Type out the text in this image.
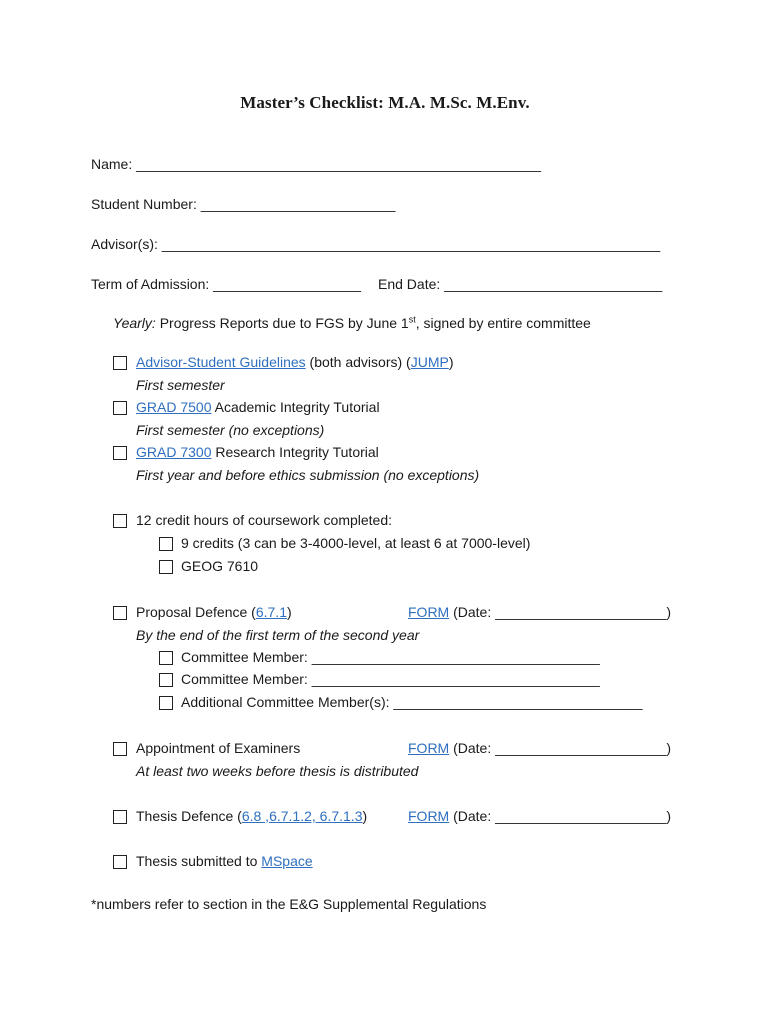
Master’s Checklist: M.A. M.Sc. M.Env.
Name: ____________________________________________________
Student Number: _________________________
Advisor(s): ________________________________________________________________
Term of Admission: ___________________ End Date: ____________________________
Yearly: Progress Reports due to FGS by June 1st, signed by entire committee
Advisor-Student Guidelines (both advisors) (JUMP)
First semester
GRAD 7500 Academic Integrity Tutorial
First semester (no exceptions)
GRAD 7300 Research Integrity Tutorial
First year and before ethics submission (no exceptions)
12 credit hours of coursework completed:
9 credits (3 can be 3-4000-level, at least 6 at 7000-level)
GEOG 7610
Proposal Defence (6.7.1)	FORM (Date: ______________________)
By the end of the first term of the second year
Committee Member: _____________________________________
Committee Member: _____________________________________
Additional Committee Member(s): ________________________________
Appointment of Examiners	FORM (Date: ______________________)
At least two weeks before thesis is distributed
Thesis Defence (6.8 ,6.7.1.2, 6.7.1.3)	FORM (Date: ______________________)
Thesis submitted to MSpace
*numbers refer to section in the E&G Supplemental Regulations
